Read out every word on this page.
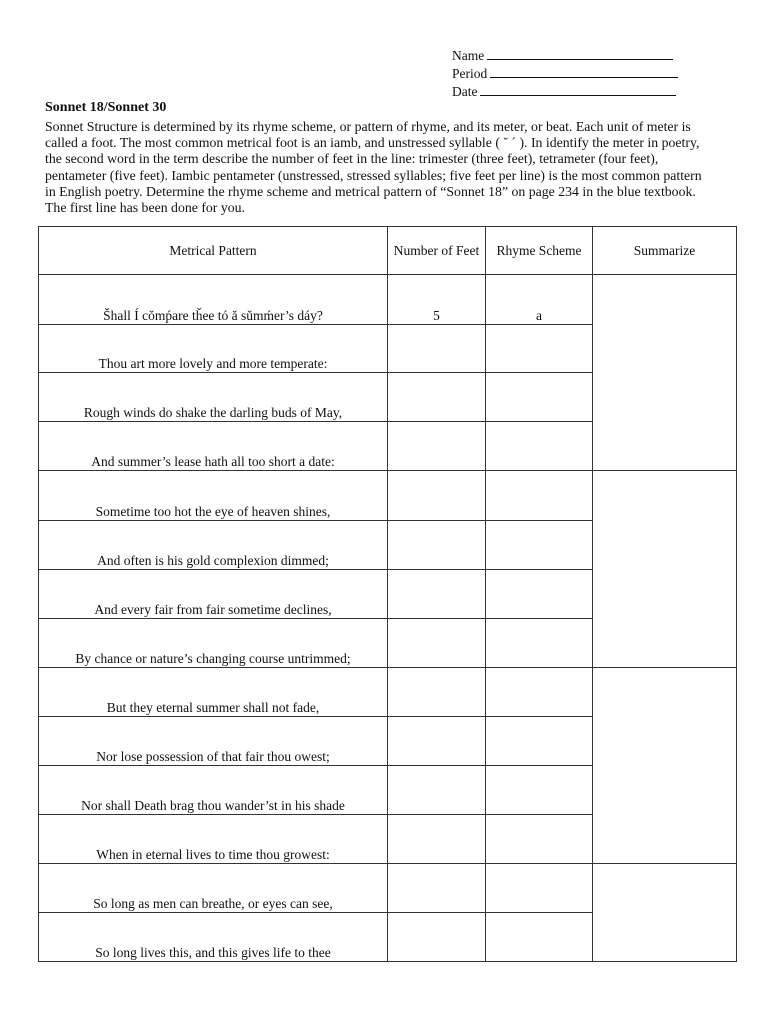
Name
Period
Date
Sonnet 18/Sonnet 30
Sonnet Structure is determined by its rhyme scheme, or pattern of rhyme, and its meter, or beat. Each unit of meter is called a foot. The most common metrical foot is an iamb, and unstressed syllable ( ˘ ´ ). In identify the meter in poetry, the second word in the term describe the number of feet in the line: trimester (three feet), tetrameter (four feet), pentameter (five feet). Iambic pentameter (unstressed, stressed syllables; five feet per line) is the most common pattern in English poetry. Determine the rhyme scheme and metrical pattern of “Sonnet 18” on page 234 in the blue textbook. The first line has been done for you.
Metrical Pattern	Number of Feet	Rhyme Scheme	Summarize
Šhall Í cŏmṕare tȟee tó ă sŭmḿer’s dáy?	5	a	
Thou art more lovely and more temperate:			
Rough winds do shake the darling buds of May,			
And summer’s lease hath all too short a date:			
Sometime too hot the eye of heaven shines,			
And often is his gold complexion dimmed;			
And every fair from fair sometime declines,			
By chance or nature’s changing course untrimmed;			
But they eternal summer shall not fade,			
Nor lose possession of that fair thou owest;			
Nor shall Death brag thou wander’st in his shade			
When in eternal lives to time thou growest:			
So long as men can breathe, or eyes can see,			
So long lives this, and this gives life to thee			
